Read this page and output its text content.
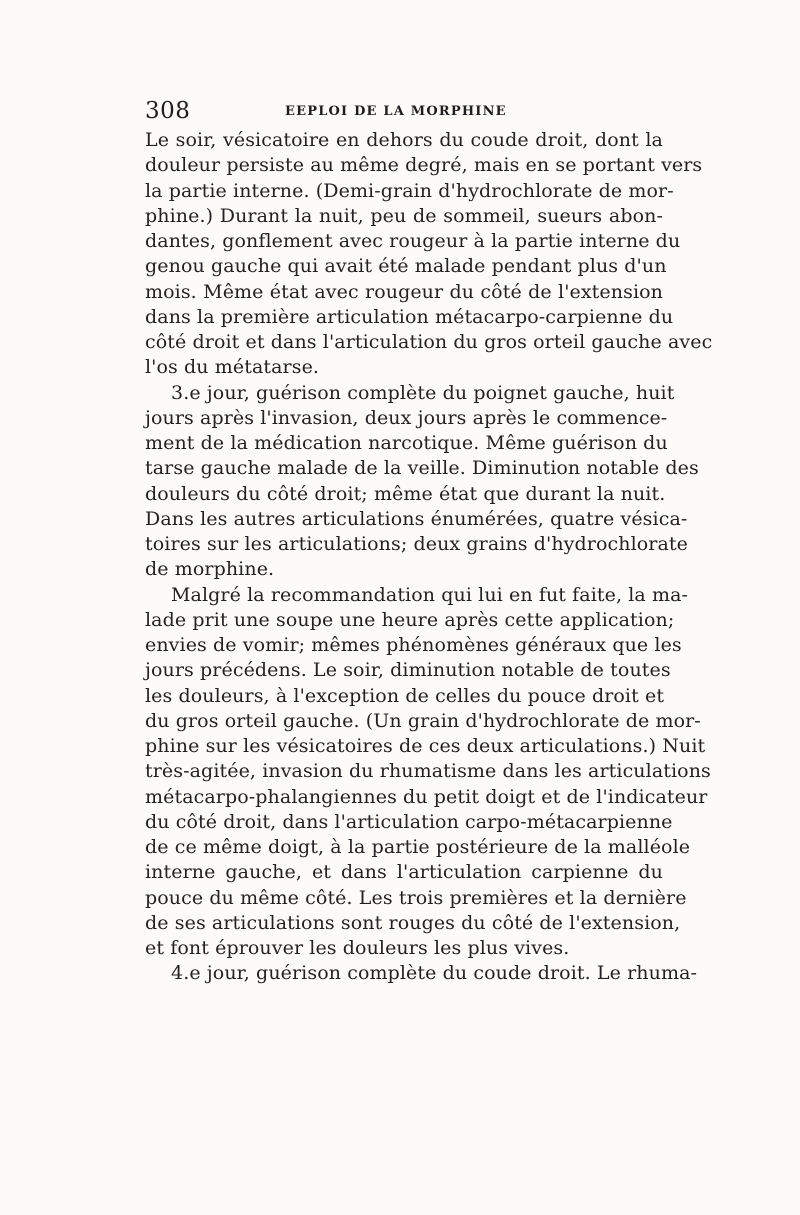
308	EEPLOI DE LA MORPHINE
Le soir, vésicatoire en dehors du coude droit, dont la
douleur persiste au même degré, mais en se portant vers
la partie interne. (Demi-grain d'hydrochlorate de mor-
phine.) Durant la nuit, peu de sommeil, sueurs abon-
dantes, gonflement avec rougeur à la partie interne du
genou gauche qui avait été malade pendant plus d'un
mois. Même état avec rougeur du côté de l'extension
dans la première articulation métacarpo-carpienne du
côté droit et dans l'articulation du gros orteil gauche avec
l'os du métatarse.
3.e jour, guérison complète du poignet gauche, huit
jours après l'invasion, deux jours après le commence-
ment de la médication narcotique. Même guérison du
tarse gauche malade de la veille. Diminution notable des
douleurs du côté droit; même état que durant la nuit.
Dans les autres articulations énumérées, quatre vésica-
toires sur les articulations; deux grains d'hydrochlorate
de morphine.
Malgré la recommandation qui lui en fut faite, la ma-
lade prit une soupe une heure après cette application;
envies de vomir; mêmes phénomènes généraux que les
jours précédens. Le soir, diminution notable de toutes
les douleurs, à l'exception de celles du pouce droit et
du gros orteil gauche. (Un grain d'hydrochlorate de mor-
phine sur les vésicatoires de ces deux articulations.) Nuit
très-agitée, invasion du rhumatisme dans les articulations
métacarpo-phalangiennes du petit doigt et de l'indicateur
du côté droit, dans l'articulation carpo-métacarpienne
de ce même doigt, à la partie postérieure de la malléole
interne gauche, et dans l'articulation carpienne du
pouce du même côté. Les trois premières et la dernière
de ses articulations sont rouges du côté de l'extension,
et font éprouver les douleurs les plus vives.
4.e jour, guérison complète du coude droit. Le rhuma-
